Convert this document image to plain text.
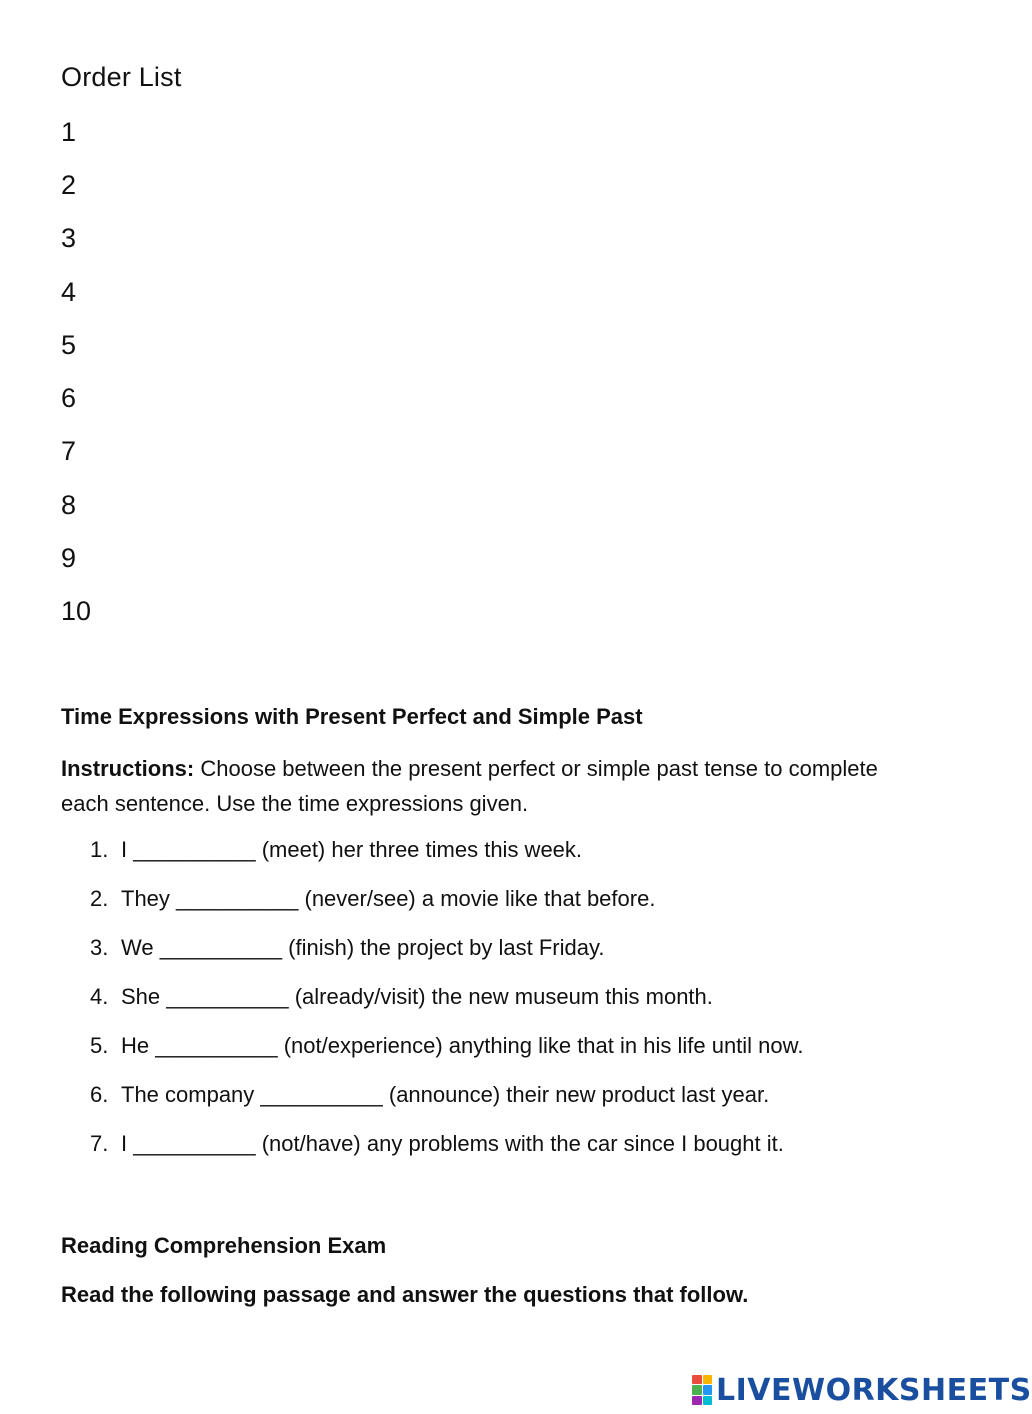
Order List
1
2
3
4
5
6
7
8
9
10
Time Expressions with Present Perfect and Simple Past
Instructions: Choose between the present perfect or simple past tense to complete each sentence. Use the time expressions given.
1. I __________ (meet) her three times this week.
2. They __________ (never/see) a movie like that before.
3. We __________ (finish) the project by last Friday.
4. She __________ (already/visit) the new museum this month.
5. He __________ (not/experience) anything like that in his life until now.
6. The company __________ (announce) their new product last year.
7. I __________ (not/have) any problems with the car since I bought it.
Reading Comprehension Exam
Read the following passage and answer the questions that follow.
LIVEWORKSHEETS
